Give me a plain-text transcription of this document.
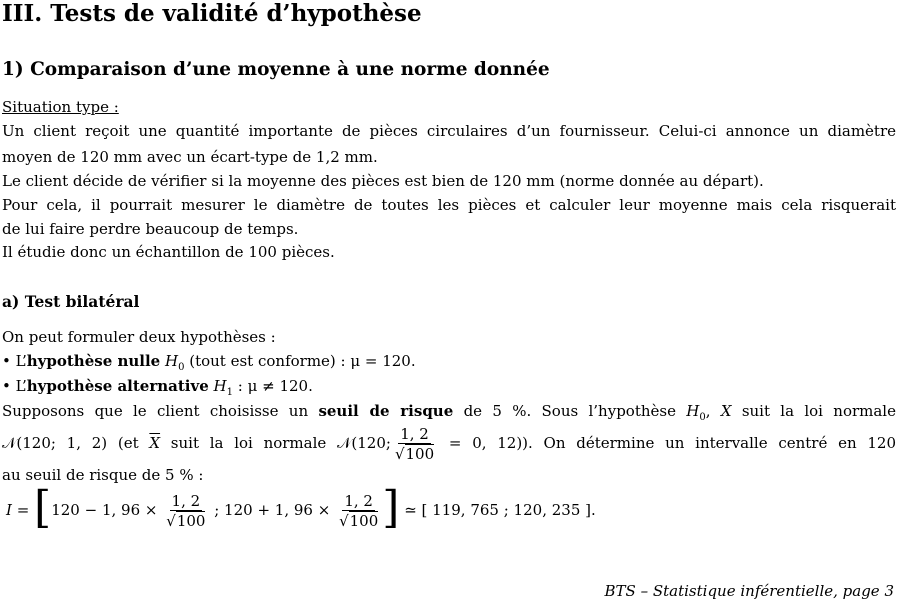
III. Tests de validité d’hypothèse
1) Comparaison d’une moyenne à une norme donnée
Situation type :
Un client reçoit une quantité importante de pièces circulaires d’un fournisseur. Celui-ci annonce un diamètre
moyen de 120 mm avec un écart-type de 1,2 mm.
Le client décide de vérifier si la moyenne des pièces est bien de 120 mm (norme donnée au départ).
Pour cela, il pourrait mesurer le diamètre de toutes les pièces et calculer leur moyenne mais cela risquerait
de lui faire perdre beaucoup de temps.
Il étudie donc un échantillon de 100 pièces.
a) Test bilatéral
On peut formuler deux hypothèses :
• L’hypothèse nulle $H_0$ (tout est conforme) : μ = 120.
• L’hypothèse alternative $H_1$ : μ ≠ 120.
Supposons que le client choisisse un seuil de risque de 5 %. Sous l’hypothèse $H_0$, X suit la loi normale
𝒩(120; 1, 2) (et $\overline{X}$ suit la loi normale 𝒩(120; $\frac{1, 2}{√100} = 0$, 12)). On détermine un intervalle centré en 120
au seuil de risque de 5 % :
I = [120 − 1, $96 \times \frac{1, 2}{√100}$ ; 120 + 1, $96 \times \frac{1, 2}{√100}$ ] ≃ [ 119, 765 ; 120, 235 ].
BTS – Statistique inférentielle, page 3
